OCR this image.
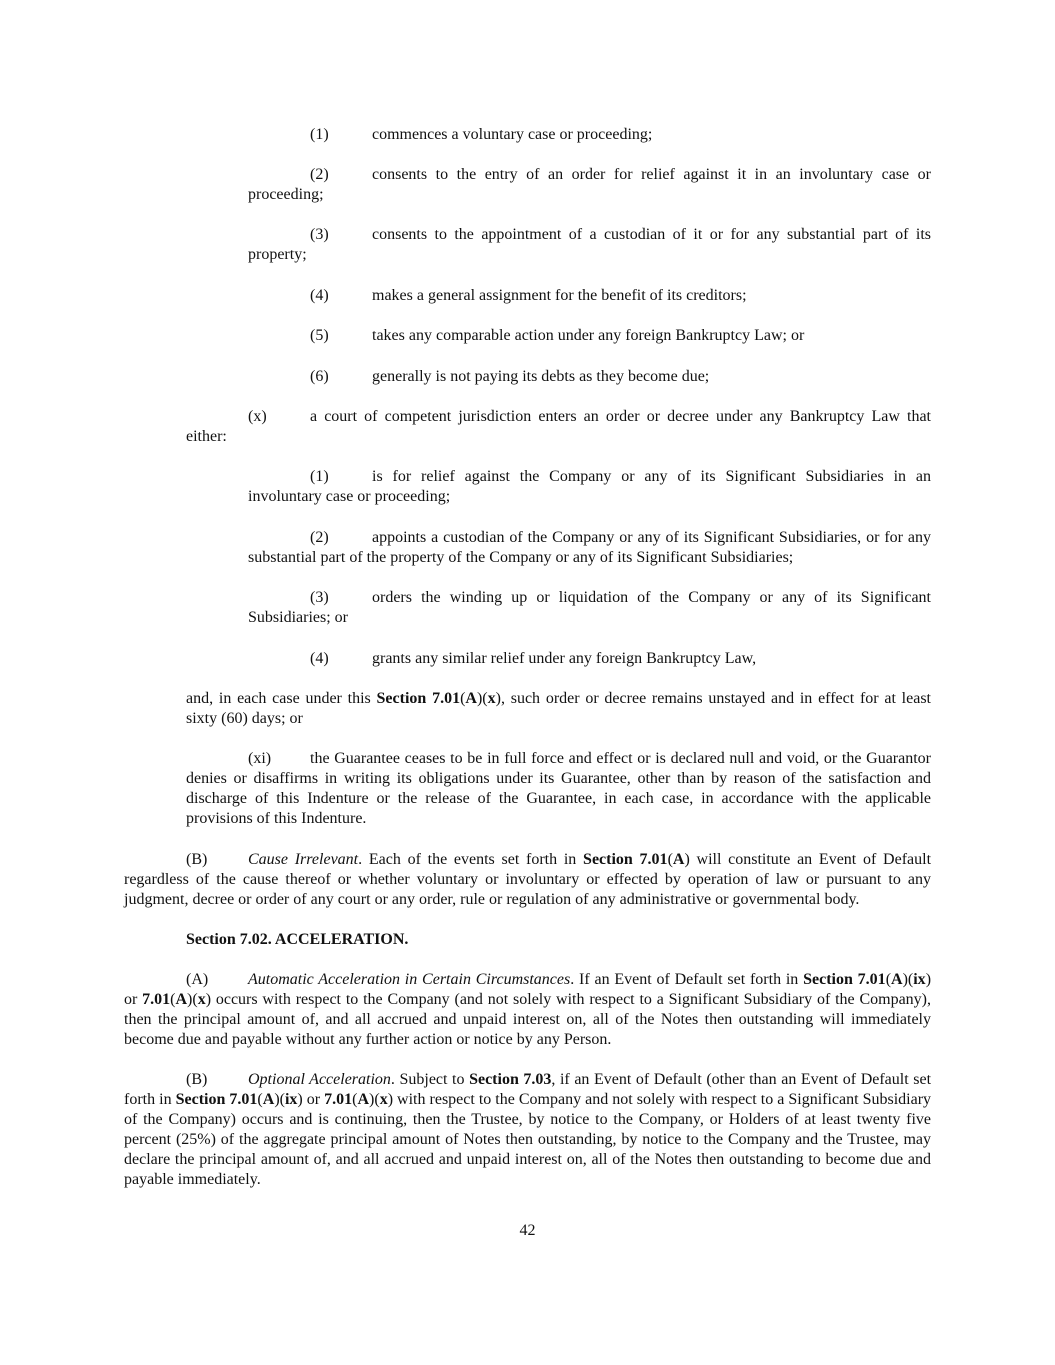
(1)	commences a voluntary case or proceeding;

(2)	consents to the entry of an order for relief against it in an involuntary case or proceeding;

(3)	consents to the appointment of a custodian of it or for any substantial part of its property;

(4)	makes a general assignment for the benefit of its creditors;

(5)	takes any comparable action under any foreign Bankruptcy Law; or

(6)	generally is not paying its debts as they become due;

(x)	a court of competent jurisdiction enters an order or decree under any Bankruptcy Law that either:

(1)	is for relief against the Company or any of its Significant Subsidiaries in an involuntary case or proceeding;

(2)	appoints a custodian of the Company or any of its Significant Subsidiaries, or for any substantial part of the property of the Company or any of its Significant Subsidiaries;

(3)	orders the winding up or liquidation of the Company or any of its Significant Subsidiaries; or

(4)	grants any similar relief under any foreign Bankruptcy Law,

and, in each case under this Section 7.01(A)(x), such order or decree remains unstayed and in effect for at least sixty (60) days; or

(xi) the Guarantee ceases to be in full force and effect or is declared null and void, or the Guarantor denies or disaffirms in writing its obligations under its Guarantee, other than by reason of the satisfaction and discharge of this Indenture or the release of the Guarantee, in each case, in accordance with the applicable provisions of this Indenture.

(B)	Cause Irrelevant. Each of the events set forth in Section 7.01(A) will constitute an Event of Default regardless of the cause thereof or whether voluntary or involuntary or effected by operation of law or pursuant to any judgment, decree or order of any court or any order, rule or regulation of any administrative or governmental body.

Section 7.02. ACCELERATION.

(A) Automatic Acceleration in Certain Circumstances. If an Event of Default set forth in Section 7.01(A)(ix) or 7.01(A)(x) occurs with respect to the Company (and not solely with respect to a Significant Subsidiary of the Company), then the principal amount of, and all accrued and unpaid interest on, all of the Notes then outstanding will immediately become due and payable without any further action or notice by any Person.

(B)	Optional Acceleration. Subject to Section 7.03, if an Event of Default (other than an Event of Default set forth in Section 7.01(A)(ix) or 7.01(A)(x) with respect to the Company and not solely with respect to a Significant Subsidiary of the Company) occurs and is continuing, then the Trustee, by notice to the Company, or Holders of at least twenty five percent (25%) of the aggregate principal amount of Notes then outstanding, by notice to the Company and the Trustee, may declare the principal amount of, and all accrued and unpaid interest on, all of the Notes then outstanding to become due and payable immediately.

42
